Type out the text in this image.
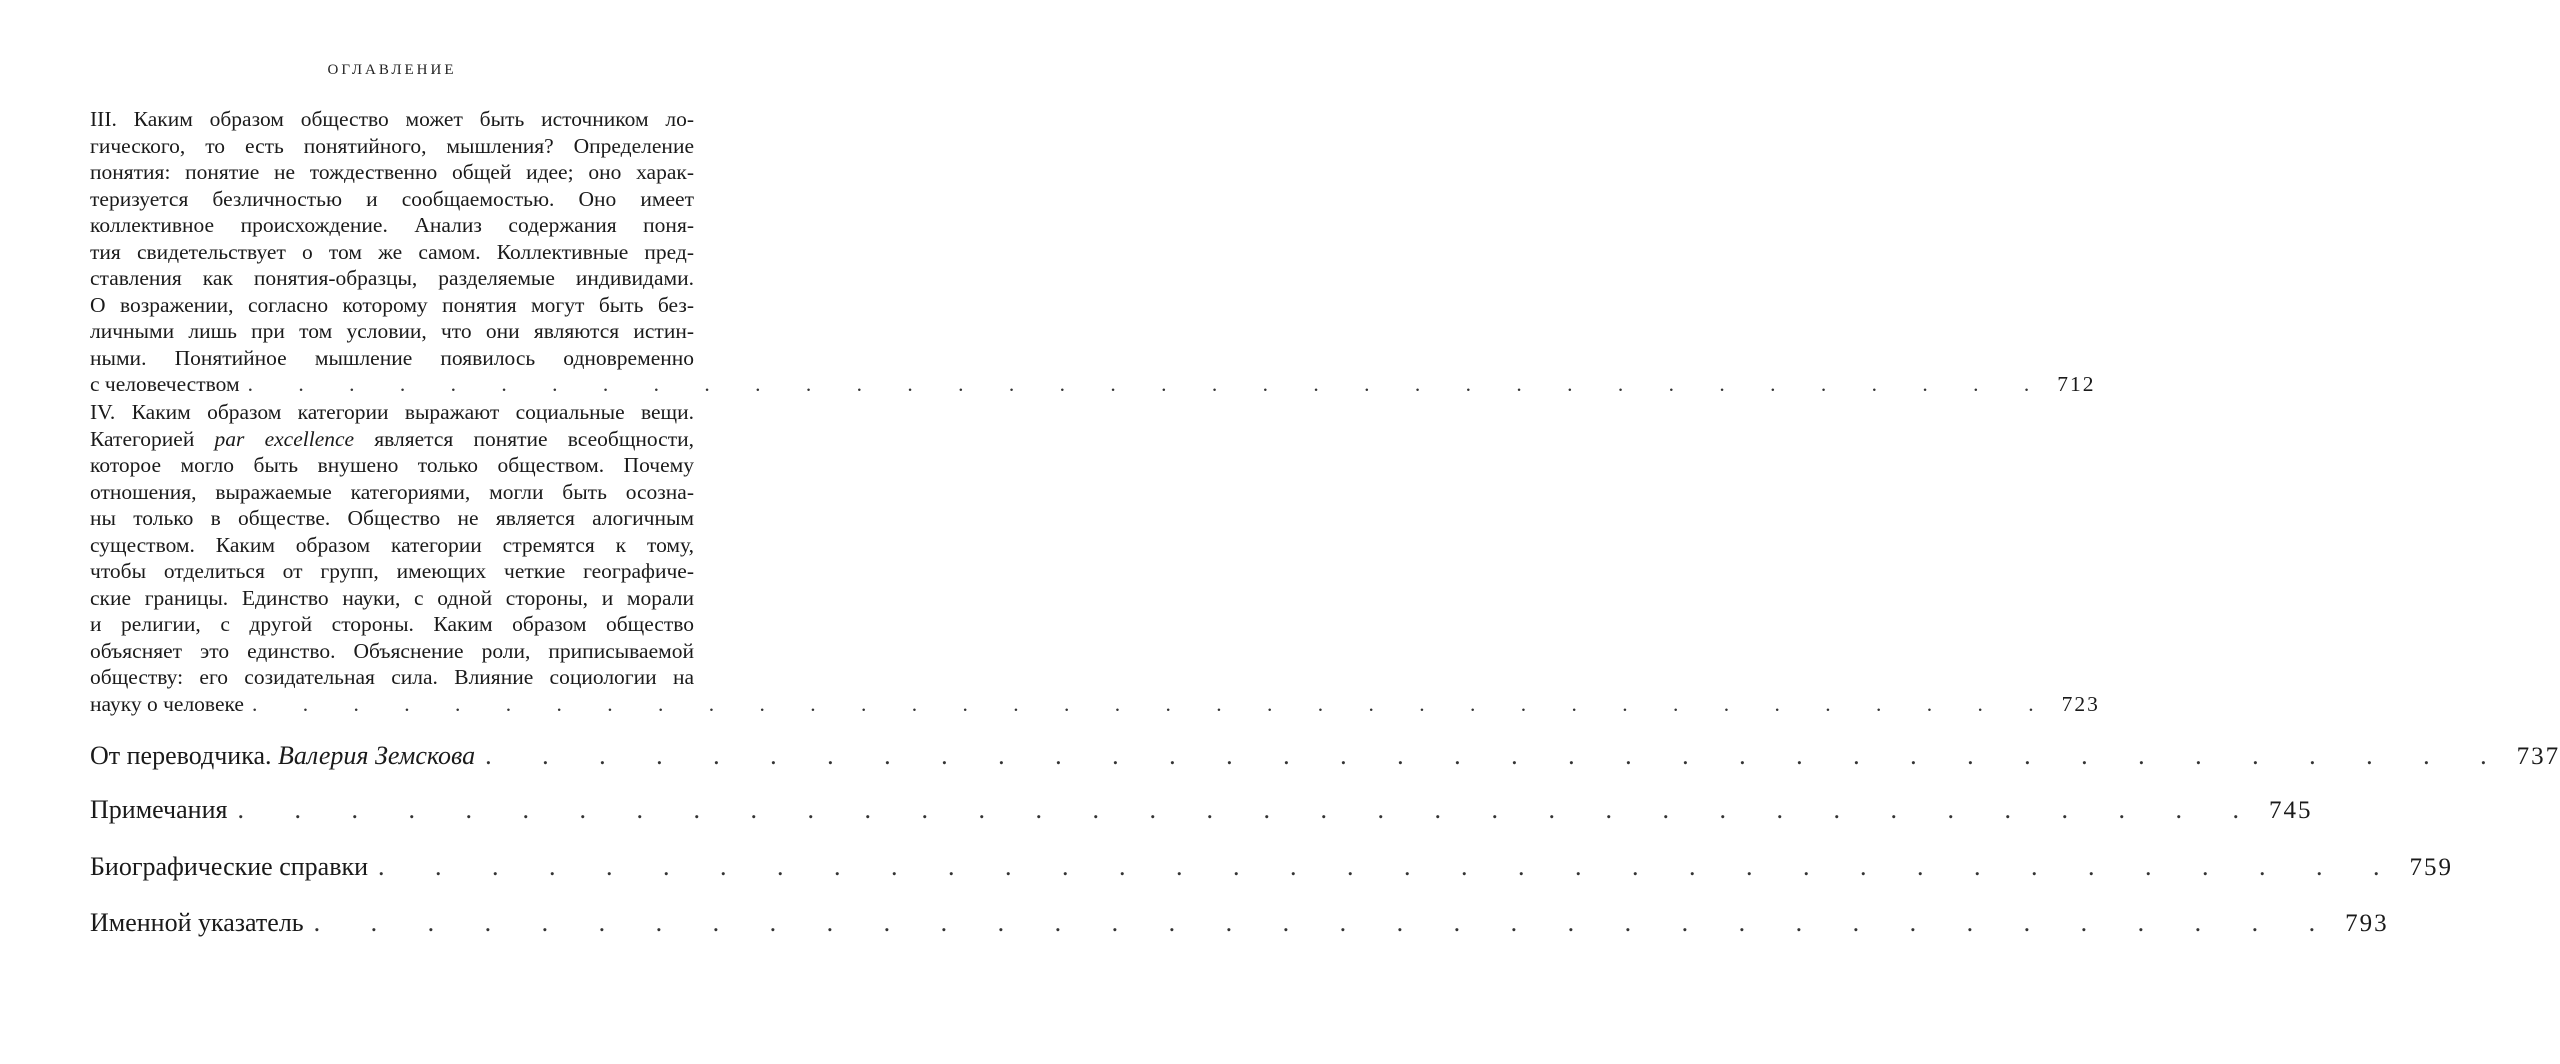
ОГЛАВЛЕНИЕ
III. Каким образом общество может быть источником ло-
гического, то есть понятийного, мышления? Определение
понятия: понятие не тождественно общей идее; оно харак-
теризуется безличностью и сообщаемостью. Оно имеет
коллективное происхождение. Анализ содержания поня-
тия свидетельствует о том же самом. Коллективные пред-
ставления как понятия-образцы, разделяемые индивидами.
О возражении, согласно которому понятия могут быть без-
личными лишь при том условии, что они являются истин-
ными. Понятийное мышление появилось одновременно
с человечеством . . . . . . . . . . . . . . . . . . . . . . . . . . . . . . . . . . . . 712
IV. Каким образом категории выражают социальные вещи.
Категорией par excellence является понятие всеобщности,
которое могло быть внушено только обществом. Почему
отношения, выражаемые категориями, могли быть осозна-
ны только в обществе. Общество не является алогичным
существом. Каким образом категории стремятся к тому,
чтобы отделиться от групп, имеющих четкие географиче-
ские границы. Единство науки, с одной стороны, и морали
и религии, с другой стороны. Каким образом общество
объясняет это единство. Объяснение роли, приписываемой
обществу: его созидательная сила. Влияние социологии на
науку о человеке . . . . . . . . . . . . . . . . . . . . . . . . . . . . . . . . . . . . 723
От переводчика. Валерия Земскова . . . . . . . . . . . . . . . . . . . . . . . . . . . . . . . . . . . . 737
Примечания . . . . . . . . . . . . . . . . . . . . . . . . . . . . . . . . . . . . 745
Биографические справки . . . . . . . . . . . . . . . . . . . . . . . . . . . . . . . . . . . . 759
Именной указатель . . . . . . . . . . . . . . . . . . . . . . . . . . . . . . . . . . . . 793
